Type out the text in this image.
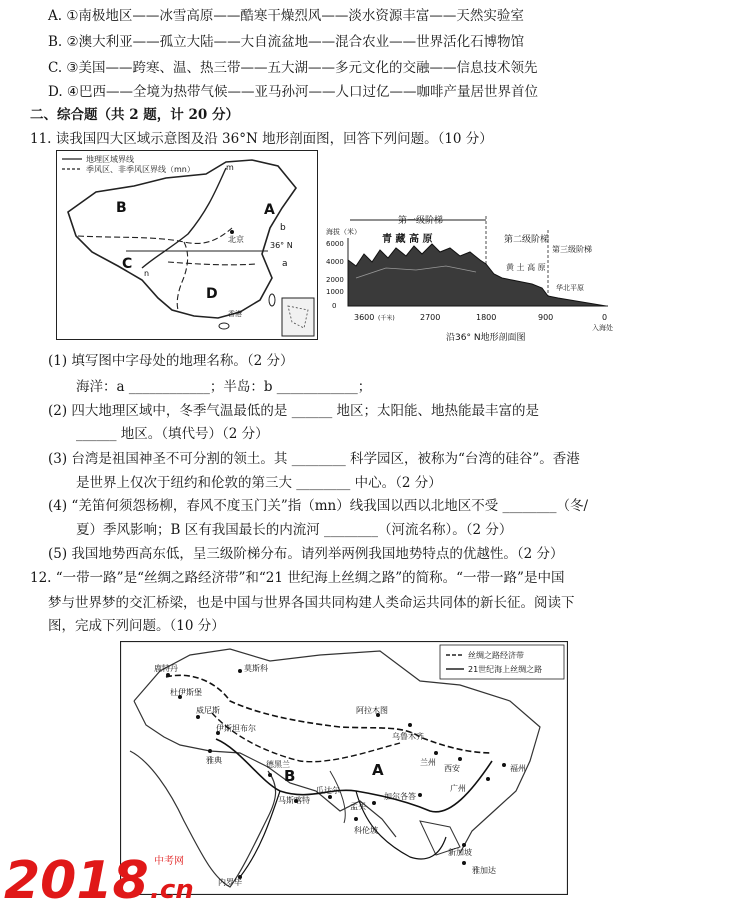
A. ①南极地区——冰雪高原——酷寒干燥烈风——淡水资源丰富——天然实验室
B. ②澳大利亚——孤立大陆——大自流盆地——混合农业——世界活化石博物馆
C. ③美国——跨寒、温、热三带——五大湖——多元文化的交融——信息技术领先
D. ④巴西——全境为热带气候——亚马孙河——人口过亿——咖啡产量居世界首位
二、综合题（共 2 题，计 20 分）
11. 读我国四大区域示意图及沿 36°N 地形剖面图，回答下列问题。（10 分）
地理区域界线
季风区、非季风区界线（mn）
B	A
C
D
北京
36° N
a
b
香港
m
n
第一级阶梯
第二级阶梯
第三级阶梯
海拔（米）
6000
4000
2000
1000
0
青 藏 高 原
黄 土 高 原
华北平原
3600 (千米)	2700	1800	900	0
入海处
沿36° N地形剖面图
(1) 填写图中字母处的地理名称。（2 分）
海洋：a ____________；半岛：b ____________；
(2) 四大地理区域中，冬季气温最低的是 ______ 地区；太阳能、地热能最丰富的是
______ 地区。（填代号）（2 分）
(3) 台湾是祖国神圣不可分割的领土。其 ________ 科学园区，被称为“台湾的硅谷”。香港
是世界上仅次于纽约和伦敦的第三大 ________ 中心。（2 分）
(4) “羌笛何须怨杨柳，春风不度玉门关”指（mn）线我国以西以北地区不受 ________（冬/
夏）季风影响；B 区有我国最长的内流河 ________（河流名称）。（2 分）
(5) 我国地势西高东低，呈三级阶梯分布。请列举两例我国地势特点的优越性。（2 分）
12. “一带一路”是“丝绸之路经济带”和“21 世纪海上丝绸之路”的简称。“一带一路”是中国
梦与世界梦的交汇桥梁，也是中国与世界各国共同构建人类命运共同体的新长征。阅读下
图，完成下列问题。（10 分）
丝绸之路经济带
21世纪海上丝绸之路
鹿特丹	莫斯科
杜伊斯堡
威尼斯
伊斯坦布尔
雅典	德黑兰
阿拉木图
乌鲁木齐
兰州
西安
瓜达尔
马斯喀特
孟买
加尔各答
广州
福州
科伦坡
内罗毕
新加坡
雅加达
A
B
2018 .cn
中考网
